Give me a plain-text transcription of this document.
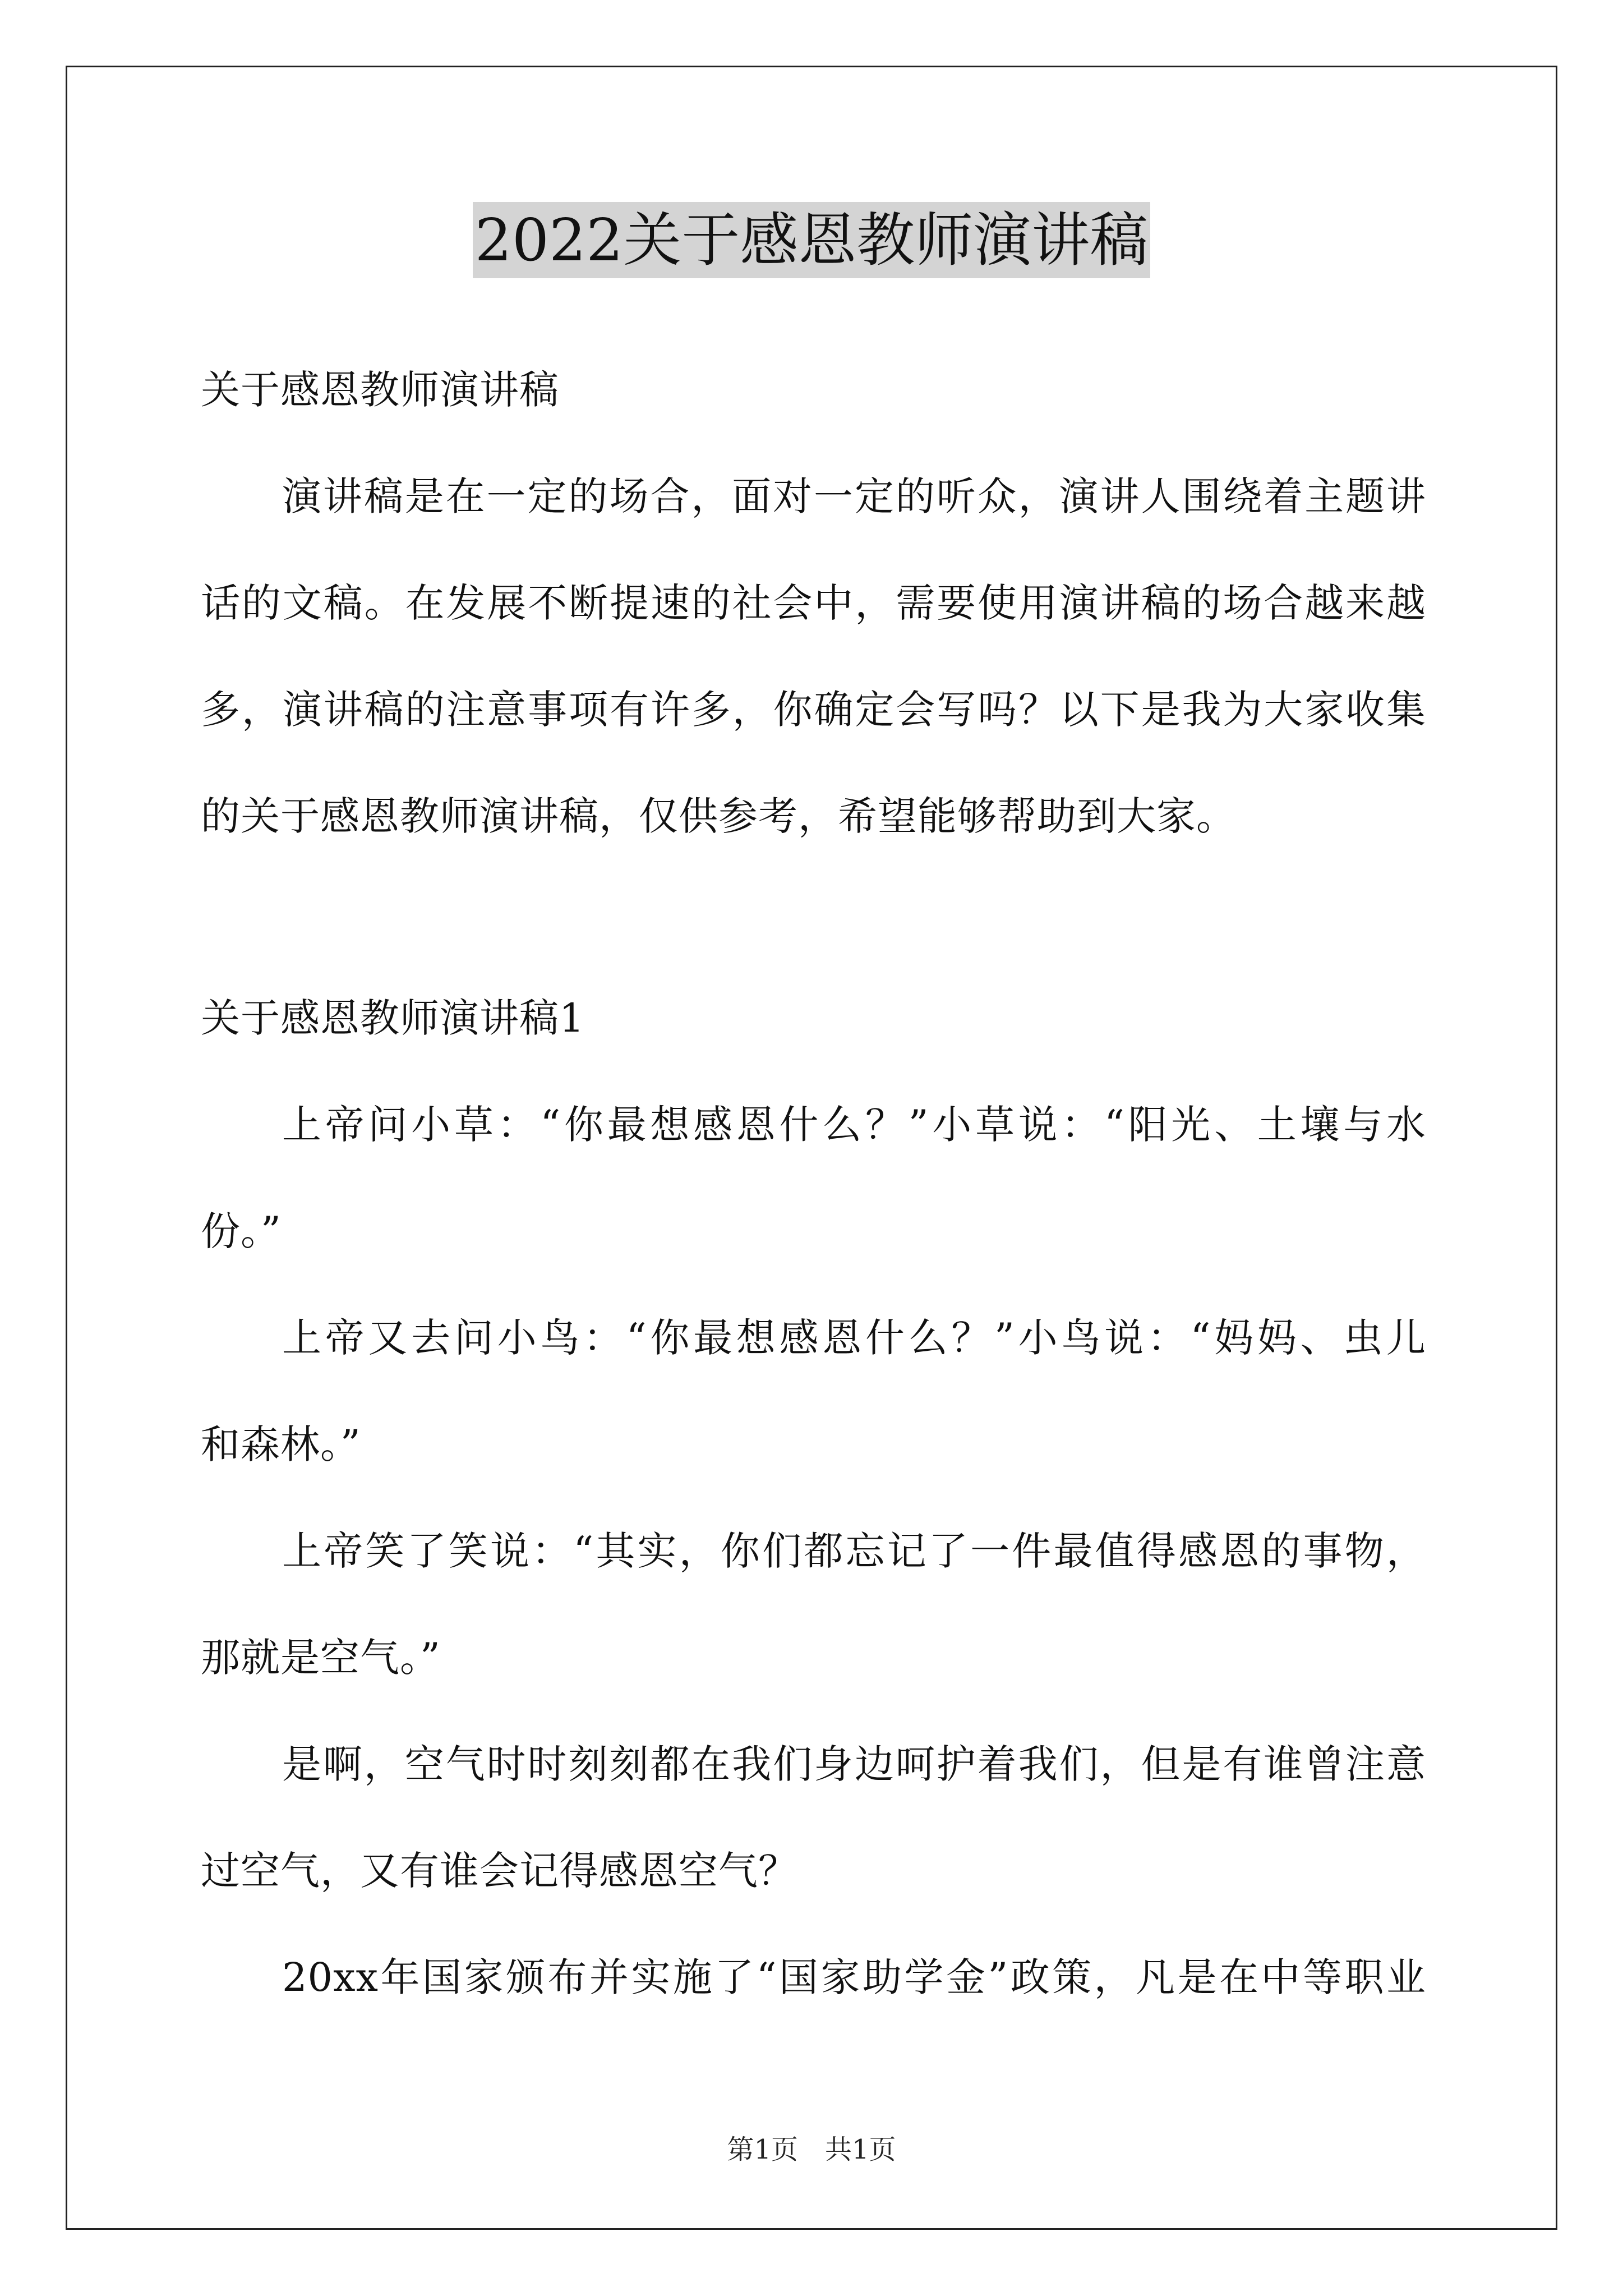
2022关于感恩教师演讲稿
关于感恩教师演讲稿
演讲稿是在一定的场合，面对一定的听众，演讲人围绕着主题讲
话的文稿。在发展不断提速的社会中，需要使用演讲稿的场合越来越
多，演讲稿的注意事项有许多，你确定会写吗？以下是我为大家收集
的关于感恩教师演讲稿，仅供参考，希望能够帮助到大家。
关于感恩教师演讲稿1
上帝问小草：“你最想感恩什么？”小草说：“阳光、土壤与水
份。”
上帝又去问小鸟：“你最想感恩什么？”小鸟说：“妈妈、虫儿
和森林。”
上帝笑了笑说：“其实，你们都忘记了一件最值得感恩的事物，
那就是空气。”
是啊，空气时时刻刻都在我们身边呵护着我们，但是有谁曾注意
过空气，又有谁会记得感恩空气？
20xx年国家颁布并实施了“国家助学金”政策，凡是在中等职业
第1页 共1页
